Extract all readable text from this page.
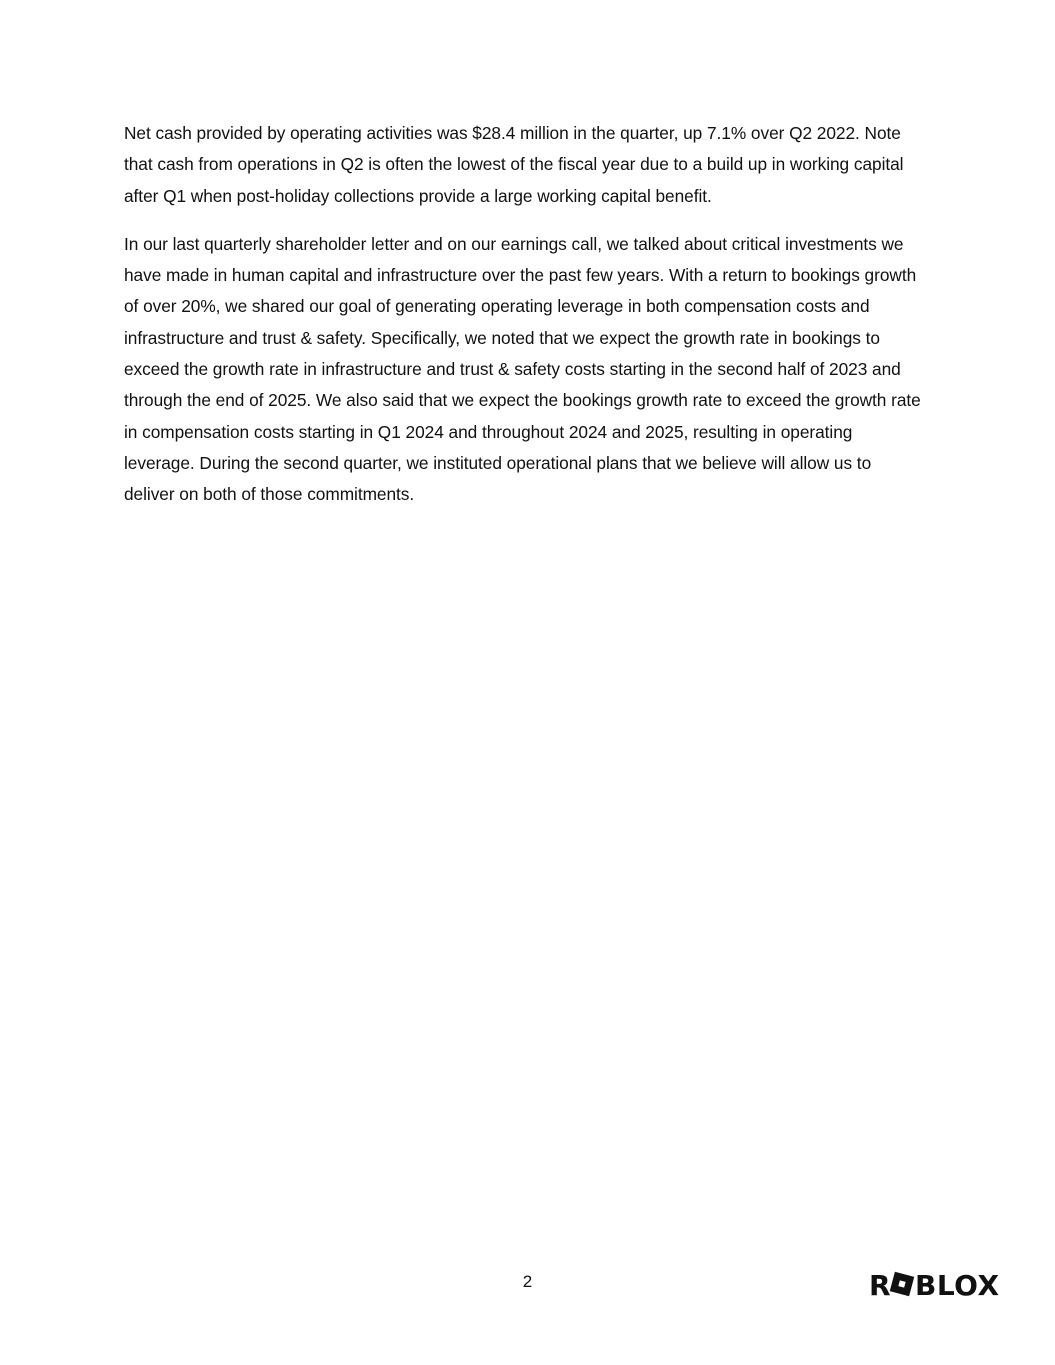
Net cash provided by operating activities was $28.4 million in the quarter, up 7.1% over Q2 2022. Note that cash from operations in Q2 is often the lowest of the fiscal year due to a build up in working capital after Q1 when post-holiday collections provide a large working capital benefit.

In our last quarterly shareholder letter and on our earnings call, we talked about critical investments we have made in human capital and infrastructure over the past few years. With a return to bookings growth of over 20%, we shared our goal of generating operating leverage in both compensation costs and infrastructure and trust & safety. Specifically, we noted that we expect the growth rate in bookings to exceed the growth rate in infrastructure and trust & safety costs starting in the second half of 2023 and through the end of 2025. We also said that we expect the bookings growth rate to exceed the growth rate in compensation costs starting in Q1 2024 and throughout 2024 and 2025, resulting in operating leverage. During the second quarter, we instituted operational plans that we believe will allow us to deliver on both of those commitments.

2	R BLOX
